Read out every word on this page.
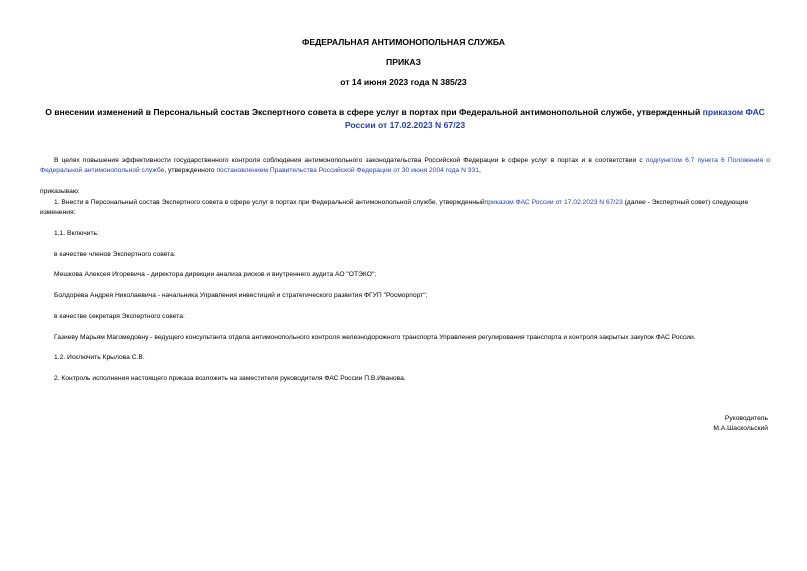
ФЕДЕРАЛЬНАЯ АНТИМОНОПОЛЬНАЯ СЛУЖБА
ПРИКАЗ
от 14 июня 2023 года N 385/23
О внесении изменений в Персональный состав Экспертного совета в сфере услуг в портах при Федеральной антимонопольной службе, утвержденный приказом ФАС России от 17.02.2023 N 67/23
В целях повышения эффективности государственного контроля соблюдения антимонопольного законодательства Российской Федерации в сфере услуг в портах и в соответствии с подпунктом 6.7 пункта 6 Положения о Федеральной антимонопольной службе, утвержденного постановлением Правительства Российской Федерации от 30 июня 2004 года N 331,
приказываю:
1. Внести в Персональный состав Экспертного совета в сфере услуг в портах при Федеральной антимонопольной службе, утвержденныйприказом ФАС России от 17.02.2023 N 67/23 (далее - Экспертный совет) следующие изменения:
1.1. Включить:
в качестве членов Экспертного совета:
Мешкова Алексея Игоревича - директора дирекции анализа рисков и внутреннего аудита АО "ОТЭКО";
Болдорева Андрея Николаевича - начальника Управления инвестиций и стратегического развития ФГУП "Росморпорт";
в качестве секретаря Экспертного совета:
Газиеву Марьям Магомедовну - ведущего консультанта отдела антимонопольного контроля железнодорожного транспорта Управления регулирования транспорта и контроля закрытых закупок ФАС России.
1.2. Исключить Крылова С.В.
2. Контроль исполнения настоящего приказа возложить на заместителя руководителя ФАС России П.В.Иванова.
Руководитель
М.А.Шаскольский
